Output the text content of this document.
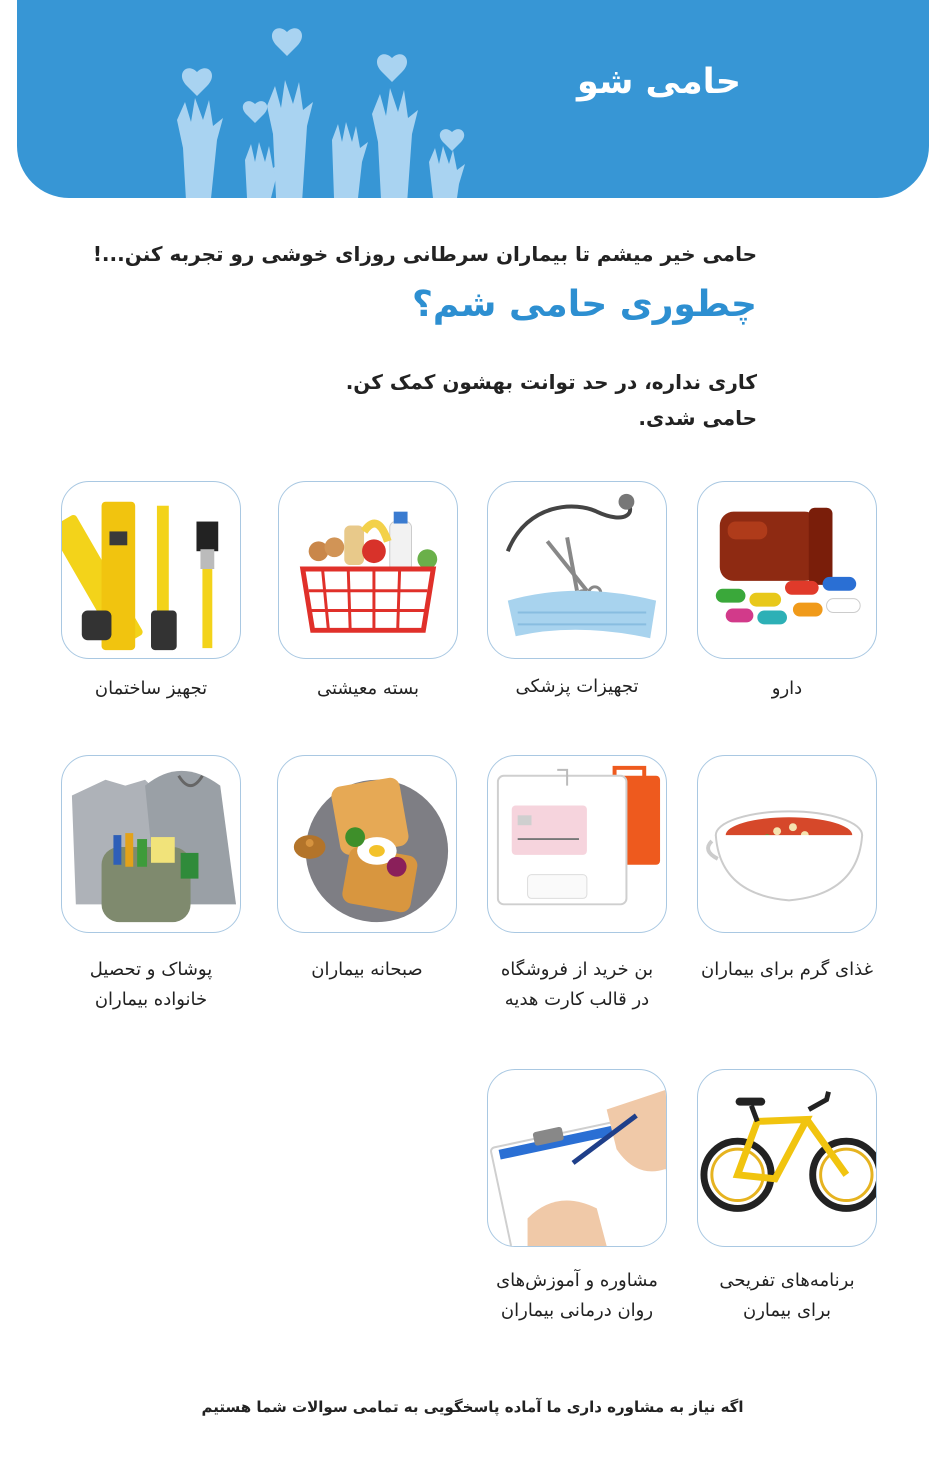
حامی شو
حامی خیر میشم تا بیماران سرطانی روزای خوشی رو تجربه کنن...!
چطوری حامی شم؟
کاری نداره، در حد توانت بهشون کمک کن.
حامی شدی.
دارو
تجهیزات پزشکی
بسته معیشتی
تجهیز ساختمان
غذای گرم برای بیماران
بن خرید از فروشگاه
در قالب کارت هدیه
صبحانه بیماران
پوشاک و تحصیل
خانواده بیماران
برنامه‌های تفریحی
برای بیمارن
مشاوره و آموزش‌های
روان درمانی بیماران
اگه نیاز به مشاوره داری ما آماده پاسخگویی به تمامی سوالات شما هستیم
